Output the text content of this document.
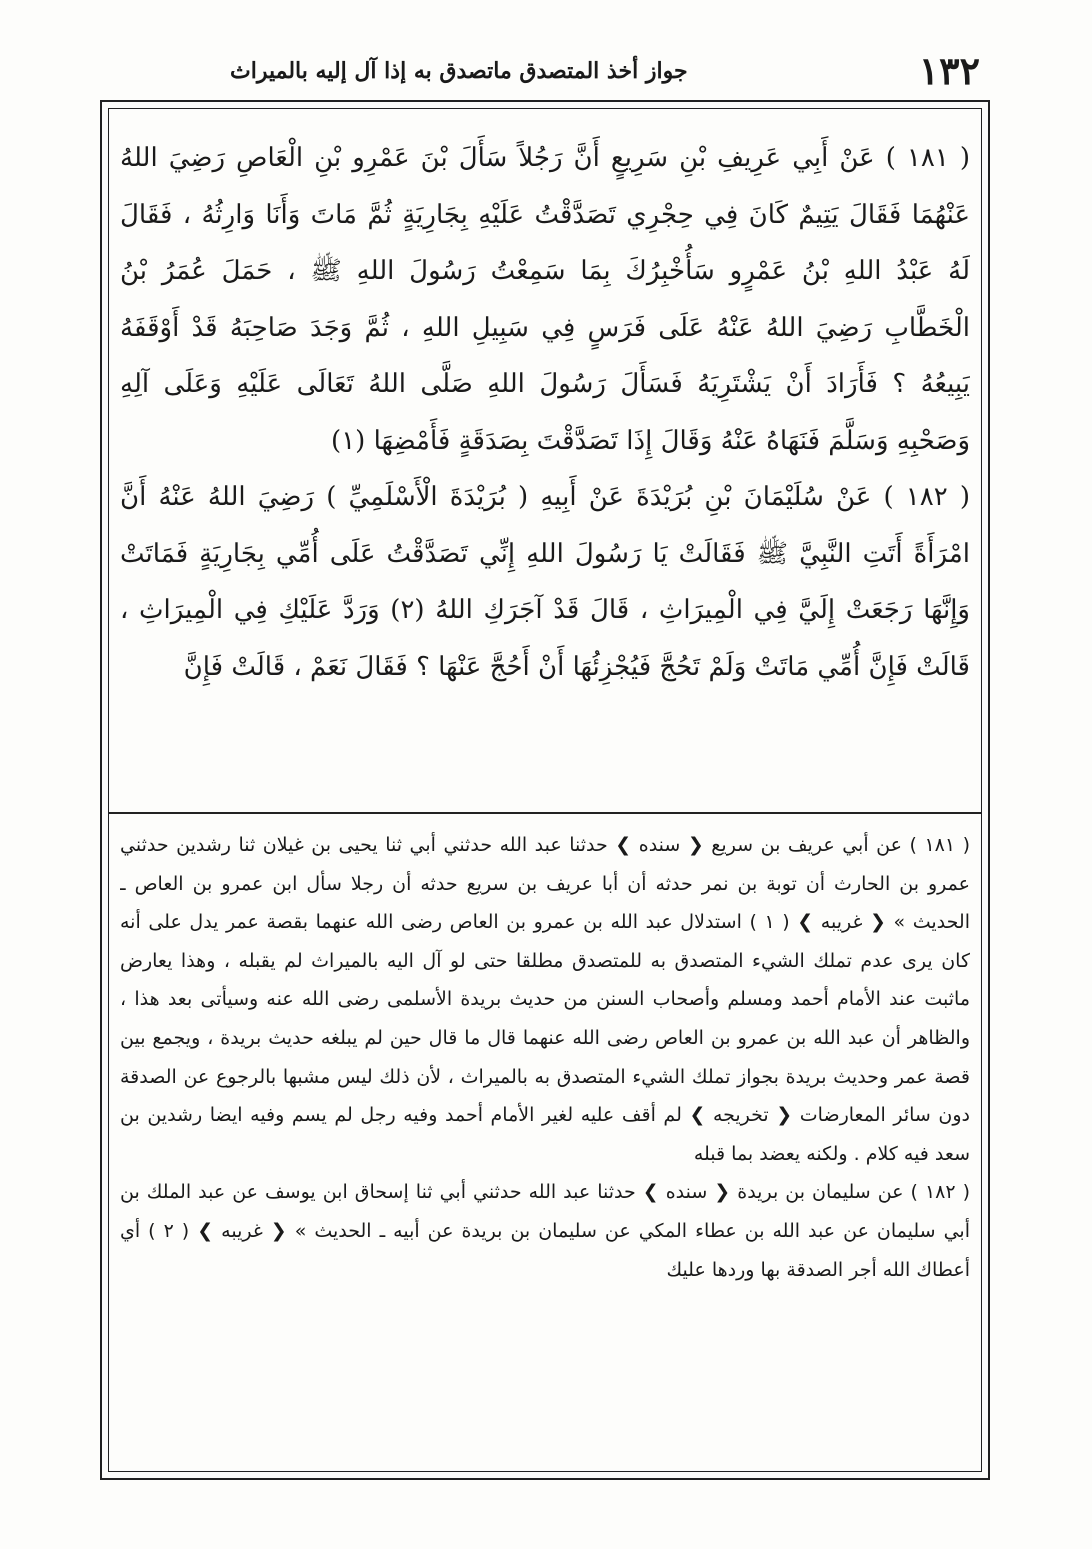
١٣٢
جواز أخذ المتصدق ماتصدق به إذا آل إليه بالميراث

( ١٨١ ) عَنْ أَبِي عَرِيفِ بْنِ سَرِيعٍ أَنَّ رَجُلاً سَأَلَ بْنَ عَمْرِو بْنِ الْعَاصِ رَضِيَ اللهُ عَنْهُمَا فَقَالَ يَتِيمٌ كَانَ فِي حِجْرِي تَصَدَّقْتُ عَلَيْهِ بِجَارِيَةٍ ثُمَّ مَاتَ وَأَنَا وَارِثُهُ ، فَقَالَ لَهُ عَبْدُ اللهِ بْنُ عَمْرٍو سَأُخْبِرُكَ بِمَا سَمِعْتُ رَسُولَ اللهِ ﷺ ، حَمَلَ عُمَرُ بْنُ الْخَطَّابِ رَضِيَ اللهُ عَنْهُ عَلَى فَرَسٍ فِي سَبِيلِ اللهِ ، ثُمَّ وَجَدَ صَاحِبَهُ قَدْ أَوْقَفَهُ يَبِيعُهُ ؟ فَأَرَادَ أَنْ يَشْتَرِيَهُ فَسَأَلَ رَسُولَ اللهِ صَلَّى اللهُ تَعَالَى عَلَيْهِ وَعَلَى آلِهِ وَصَحْبِهِ وَسَلَّمَ فَنَهَاهُ عَنْهُ وَقَالَ إِذَا تَصَدَّقْتَ بِصَدَقَةٍ فَأَمْضِهَا (١)

( ١٨٢ ) عَنْ سُلَيْمَانَ بْنِ بُرَيْدَةَ عَنْ أَبِيهِ ( بُرَيْدَةَ الْأَسْلَمِيِّ ) رَضِيَ اللهُ عَنْهُ أَنَّ امْرَأَةً أَتَتِ النَّبِيَّ ﷺ فَقَالَتْ يَا رَسُولَ اللهِ إِنِّي تَصَدَّقْتُ عَلَى أُمِّي بِجَارِيَةٍ فَمَاتَتْ وَإِنَّهَا رَجَعَتْ إِلَيَّ فِي الْمِيرَاثِ ، قَالَ قَدْ آجَرَكِ اللهُ (٢) وَرَدَّ عَلَيْكِ فِي الْمِيرَاثِ ، قَالَتْ فَإِنَّ أُمِّي مَاتَتْ وَلَمْ تَحُجَّ فَيُجْزِئُهَا أَنْ أَحُجَّ عَنْهَا ؟ فَقَالَ نَعَمْ ، قَالَتْ فَإِنَّ

( ١٨١ ) عن أبي عريف بن سريع ❮ سنده ❯ حدثنا عبد الله حدثني أبي ثنا يحيى بن غيلان ثنا رشدين حدثني عمرو بن الحارث أن توبة بن نمر حدثه أن أبا عريف بن سريع حدثه أن رجلا سأل ابن عمرو بن العاص ـ الحديث » ❮ غريبه ❯ ( ١ ) استدلال عبد الله بن عمرو بن العاص رضى الله عنهما بقصة عمر يدل على أنه كان يرى عدم تملك الشيء المتصدق به للمتصدق مطلقا حتى لو آل اليه بالميراث لم يقبله ، وهذا يعارض ماثبت عند الأمام أحمد ومسلم وأصحاب السنن من حديث بريدة الأسلمى رضى الله عنه وسيأتى بعد هذا ، والظاهر أن عبد الله بن عمرو بن العاص رضى الله عنهما قال ما قال حين لم يبلغه حديث بريدة ، ويجمع بين قصة عمر وحديث بريدة بجواز تملك الشيء المتصدق به بالميراث ، لأن ذلك ليس مشبها بالرجوع عن الصدقة دون سائر المعارضات ❮ تخريجه ❯ لم أقف عليه لغير الأمام أحمد وفيه رجل لم يسم وفيه ايضا رشدين بن سعد فيه كلام . ولكنه يعضد بما قبله

( ١٨٢ ) عن سليمان بن بريدة ❮ سنده ❯ حدثنا عبد الله حدثني أبي ثنا إسحاق ابن يوسف عن عبد الملك بن أبي سليمان عن عبد الله بن عطاء المكي عن سليمان بن بريدة عن أبيه ـ الحديث » ❮ غريبه ❯ ( ٢ ) أي أعطاك الله أجر الصدقة بها وردها عليك
